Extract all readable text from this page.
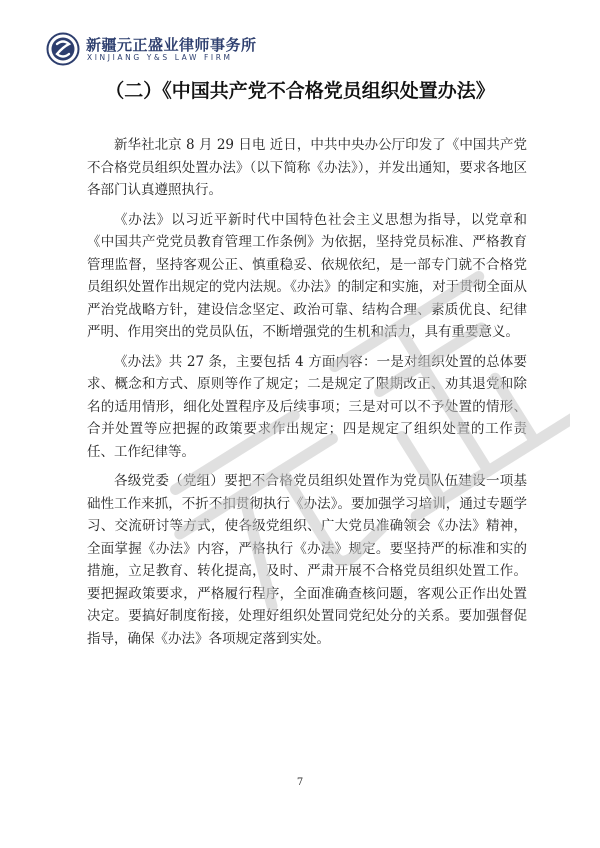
新疆元正盛业律师事务所
XINJIANG Y&S LAW FIRM
（二）《中国共产党不合格党员组织处置办法》

新华社北京 8 月 29 日电 近日，中共中央办公厅印发了《中国共产党不合格党员组织处置办法》（以下简称《办法》），并发出通知，要求各地区各部门认真遵照执行。

《办法》以习近平新时代中国特色社会主义思想为指导，以党章和《中国共产党党员教育管理工作条例》为依据，坚持党员标准、严格教育管理监督，坚持客观公正、慎重稳妥、依规依纪，是一部专门就不合格党员组织处置作出规定的党内法规。《办法》的制定和实施，对于贯彻全面从严治党战略方针，建设信念坚定、政治可靠、结构合理、素质优良、纪律严明、作用突出的党员队伍，不断增强党的生机和活力，具有重要意义。

《办法》共 27 条，主要包括 4 方面内容：一是对组织处置的总体要求、概念和方式、原则等作了规定；二是规定了限期改正、劝其退党和除名的适用情形，细化处置程序及后续事项；三是对可以不予处置的情形、合并处置等应把握的政策要求作出规定；四是规定了组织处置的工作责任、工作纪律等。

各级党委（党组）要把不合格党员组织处置作为党员队伍建设一项基础性工作来抓，不折不扣贯彻执行《办法》。要加强学习培训，通过专题学习、交流研讨等方式，使各级党组织、广大党员准确领会《办法》精神，全面掌握《办法》内容，严格执行《办法》规定。要坚持严的标准和实的措施，立足教育、转化提高，及时、严肃开展不合格党员组织处置工作。要把握政策要求，严格履行程序，全面准确查核问题，客观公正作出处置决定。要搞好制度衔接，处理好组织处置同党纪处分的关系。要加强督促指导，确保《办法》各项规定落到实处。

7
